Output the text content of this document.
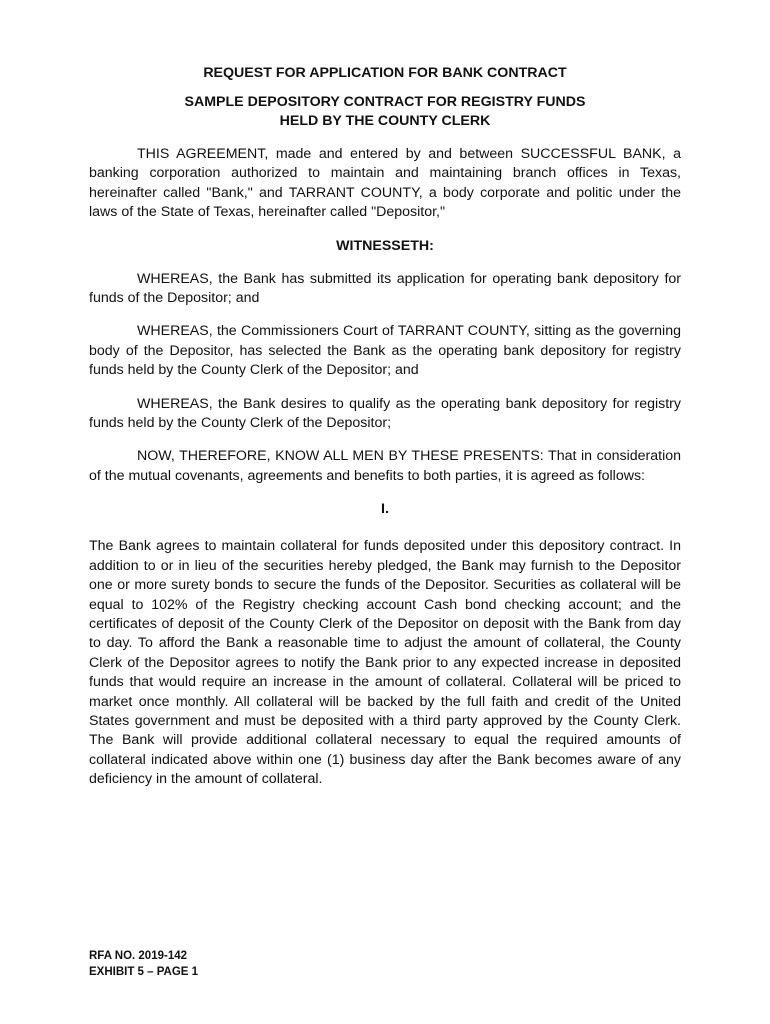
REQUEST FOR APPLICATION FOR BANK CONTRACT

SAMPLE DEPOSITORY CONTRACT FOR REGISTRY FUNDS

HELD BY THE COUNTY CLERK

THIS AGREEMENT, made and entered by and between SUCCESSFUL BANK, a banking corporation authorized to maintain and maintaining branch offices in Texas, hereinafter called "Bank," and TARRANT COUNTY, a body corporate and politic under the laws of the State of Texas, hereinafter called "Depositor,"

WITNESSETH:

WHEREAS, the Bank has submitted its application for operating bank depository for funds of the Depositor; and

WHEREAS, the Commissioners Court of TARRANT COUNTY, sitting as the governing body of the Depositor, has selected the Bank as the operating bank depository for registry funds held by the County Clerk of the Depositor; and

WHEREAS, the Bank desires to qualify as the operating bank depository for registry funds held by the County Clerk of the Depositor;

NOW, THEREFORE, KNOW ALL MEN BY THESE PRESENTS: That in consideration of the mutual covenants, agreements and benefits to both parties, it is agreed as follows:

I.

The Bank agrees to maintain collateral for funds deposited under this depository contract. In addition to or in lieu of the securities hereby pledged, the Bank may furnish to the Depositor one or more surety bonds to secure the funds of the Depositor. Securities as collateral will be equal to 102% of the Registry checking account Cash bond checking account; and the certificates of deposit of the County Clerk of the Depositor on deposit with the Bank from day to day. To afford the Bank a reasonable time to adjust the amount of collateral, the County Clerk of the Depositor agrees to notify the Bank prior to any expected increase in deposited funds that would require an increase in the amount of collateral. Collateral will be priced to market once monthly. All collateral will be backed by the full faith and credit of the United States government and must be deposited with a third party approved by the County Clerk. The Bank will provide additional collateral necessary to equal the required amounts of collateral indicated above within one (1) business day after the Bank becomes aware of any deficiency in the amount of collateral.

RFA NO. 2019-142
EXHIBIT 5 – PAGE 1
